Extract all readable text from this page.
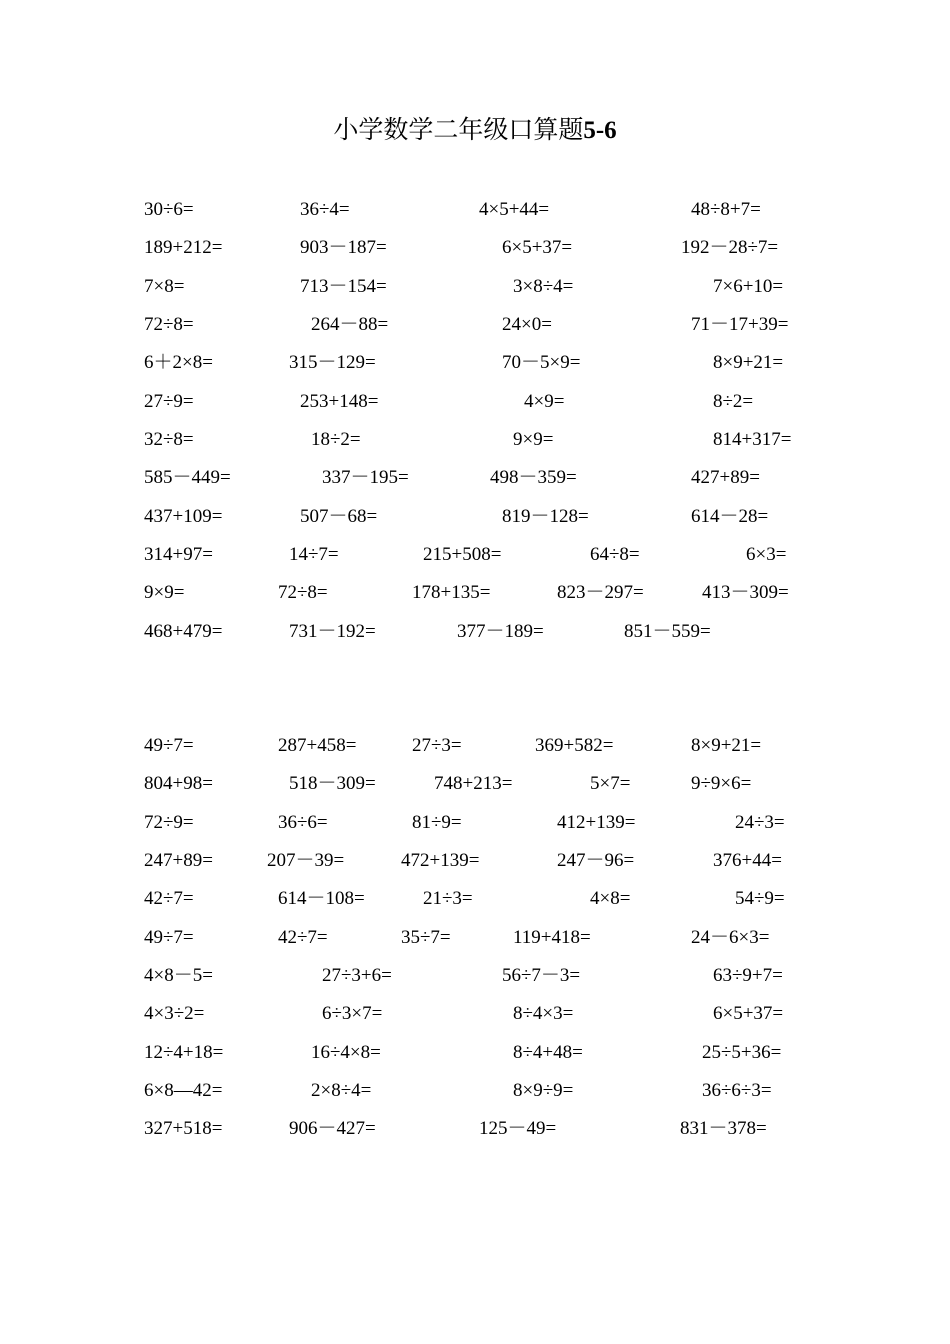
小学数学二年级口算题5-6
30÷6=	36÷4=	4×5+44=	48÷8+7=
189+212=	903－187=	6×5+37=	192－28÷7=
7×8=	713－154=	3×8÷4=	7×6+10=
72÷8=	264－88=	24×0=	71－17+39=
6＋2×8=	315－129=	70－5×9=	8×9+21=
27÷9=	253+148=	4×9=	8÷2=
32÷8=	18÷2=	9×9=	814+317=
585－449=	337－195=	498－359=	427+89=
437+109=	507－68=	819－128=	614－28=
314+97=	14÷7=	215+508=	64÷8=	6×3=
9×9=	72÷8=	178+135=	823－297=	413－309=
468+479=	731－192=	377－189=	851－559=
49÷7=	287+458=	27÷3=	369+582=	8×9+21=
804+98=	518－309=	748+213=	5×7=	9÷9×6=
72÷9=	36÷6=	81÷9=	412+139=	24÷3=
247+89=	207－39=	472+139=	247－96=	376+44=
42÷7=	614－108=	21÷3=	4×8=	54÷9=
49÷7=	42÷7=	35÷7=	119+418=	24－6×3=
4×8－5=	27÷3+6=	56÷7－3=	63÷9+7=
4×3÷2=	6÷3×7=	8÷4×3=	6×5+37=
12÷4+18=	16÷4×8=	8÷4+48=	25÷5+36=
6×8—42=	2×8÷4=	8×9÷9=	36÷6÷3=
327+518=	906－427=	125－49=	831－378=
